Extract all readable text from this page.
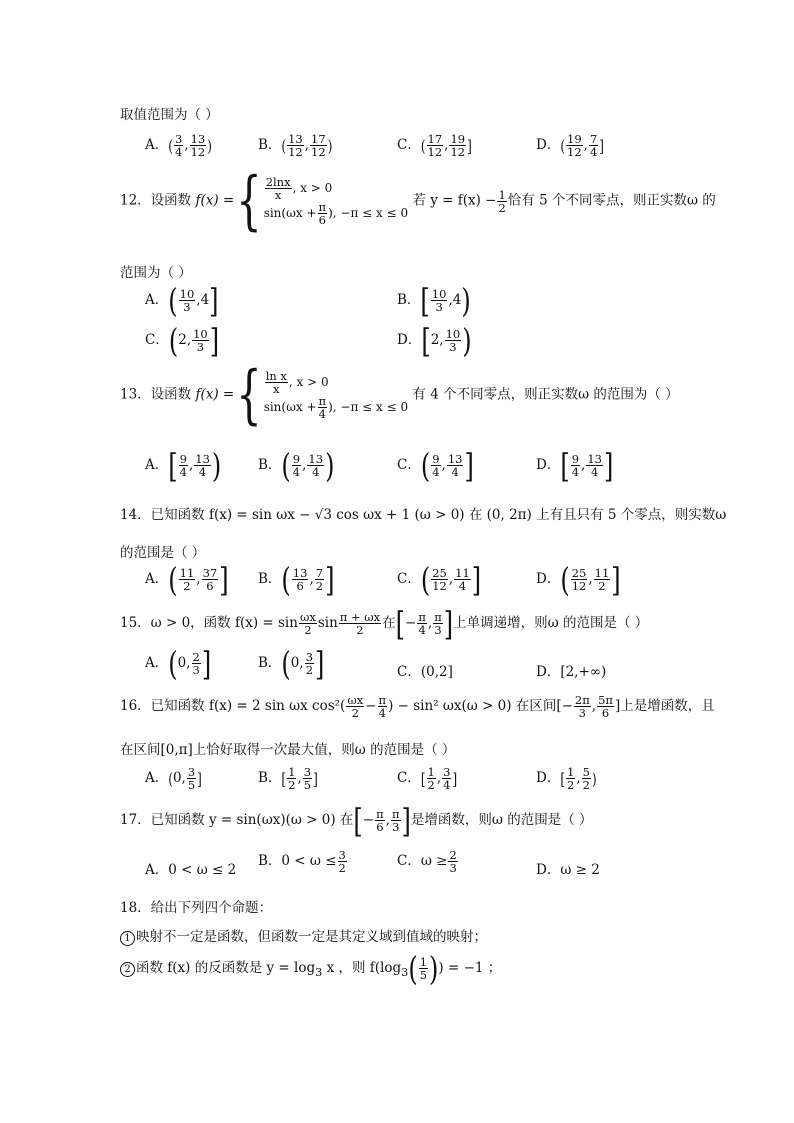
取值范围为（ ）
A．( $\frac{3}{4}$ , $\frac{13}{12}$ )	B．( $\frac{13}{12}$ , $\frac{17}{12}$ )	C．( $\frac{17}{12}$ , $\frac{19}{12}$ ]	D．( $\frac{19}{12}$ , $\frac{7}{4}$ ]
12．设函数 f(x) ={ $\frac{2\ln x}{x}$ , x > 0
$\sin(\omega x + \frac{\pi}{6}$ ), −π ≤ x ≤ 0
若 $y = f(x) - \frac{1}{2}$ 恰有 5 个不同零点，则正实数ω 的
范围为（ ）
A．( $\frac{10}{3} ,4$]	B．[ $\frac{10}{3} ,4$)
C．(2, $\frac{10}{3}$ ]	D．[2, $\frac{10}{3}$ )
13．设函数 f(x) ={ $\frac{\text{ln x}}{x}$ , x > 0
$\sin(\omega x + \frac{\pi}{4}$ ), −π ≤ x ≤ 0
有 4 个不同零点，则正实数ω 的范围为（ ）
A．[ $\frac{9}{4}$ , $\frac{13}{4}$ )	B．( $\frac{9}{4}$ , $\frac{13}{4}$ )	C．( $\frac{9}{4}$ , $\frac{13}{4}$ ]	D．[ $\frac{9}{4}$ , $\frac{13}{4}$ ]
14．已知函数 f(x) = sin ωx − √3 cos ωx + 1 (ω > 0) 在 (0, 2π) 上有且只有 5 个零点，则实数ω
的范围是（ ）
A．( $\frac{11}{2}$ , $\frac{37}{6}$ ] B．( $\frac{13}{6}$ , $\frac{7}{2}$ ]	C．( $\frac{25}{12}$ , $\frac{11}{4}$ ]	D．( $\frac{25}{12}$ , $\frac{11}{2}$ ]
15．ω > 0，函数 $f(x) = \sin \frac{\omega x}{2}$ $\sin \frac{\pi + \omega x}{2}$ 在[− $\frac{\pi}{4}$ , $\frac{\pi}{3}$ ]上单调递增，则ω 的范围是（ ）
A．(0, $\frac{2}{3}$ ]	B．(0, $\frac{3}{2}$ ]	C．(0,2]	D．[2,+∞)
16．已知函数 f(x) = 2 sin ωx $\cos^2( \frac{\omega x}{2} - \frac{\pi}{4}$ ) − sin² ωx(ω > 0) 在区间[− $\frac{2\pi}{3}$ , $\frac{5\pi}{6}$ ]上是增函数，且
在区间[0,π]上恰好取得一次最大值，则ω 的范围是（ ）
A．(0, $\frac{3}{5}$ ]	B．[ $\frac{1}{2}$ , $\frac{3}{5}$ ]	C．[ $\frac{1}{2}$ , $\frac{3}{4}$ ]	D．[ $\frac{1}{2}$ , $\frac{5}{2}$ )
17．已知函数 y = sin(ωx)(ω > 0) 在[− $\frac{\pi}{6}$ , $\frac{\pi}{3}$ ]是增函数，则ω 的范围是（ ）
A．0 < ω ≤ 2
B．$0 < \omega \le \frac{3}{2}$	C．$\omega \ge \frac{2}{3}$	D．ω ≥ 2
18．给出下列四个命题：
1 映射不一定是函数，但函数一定是其定义域到值域的映射；
2 函数 f(x) 的反函数是 $y = \log_3 x$ ，则 $f(\log_3( \frac{1}{5}$ )) = −1 ；
